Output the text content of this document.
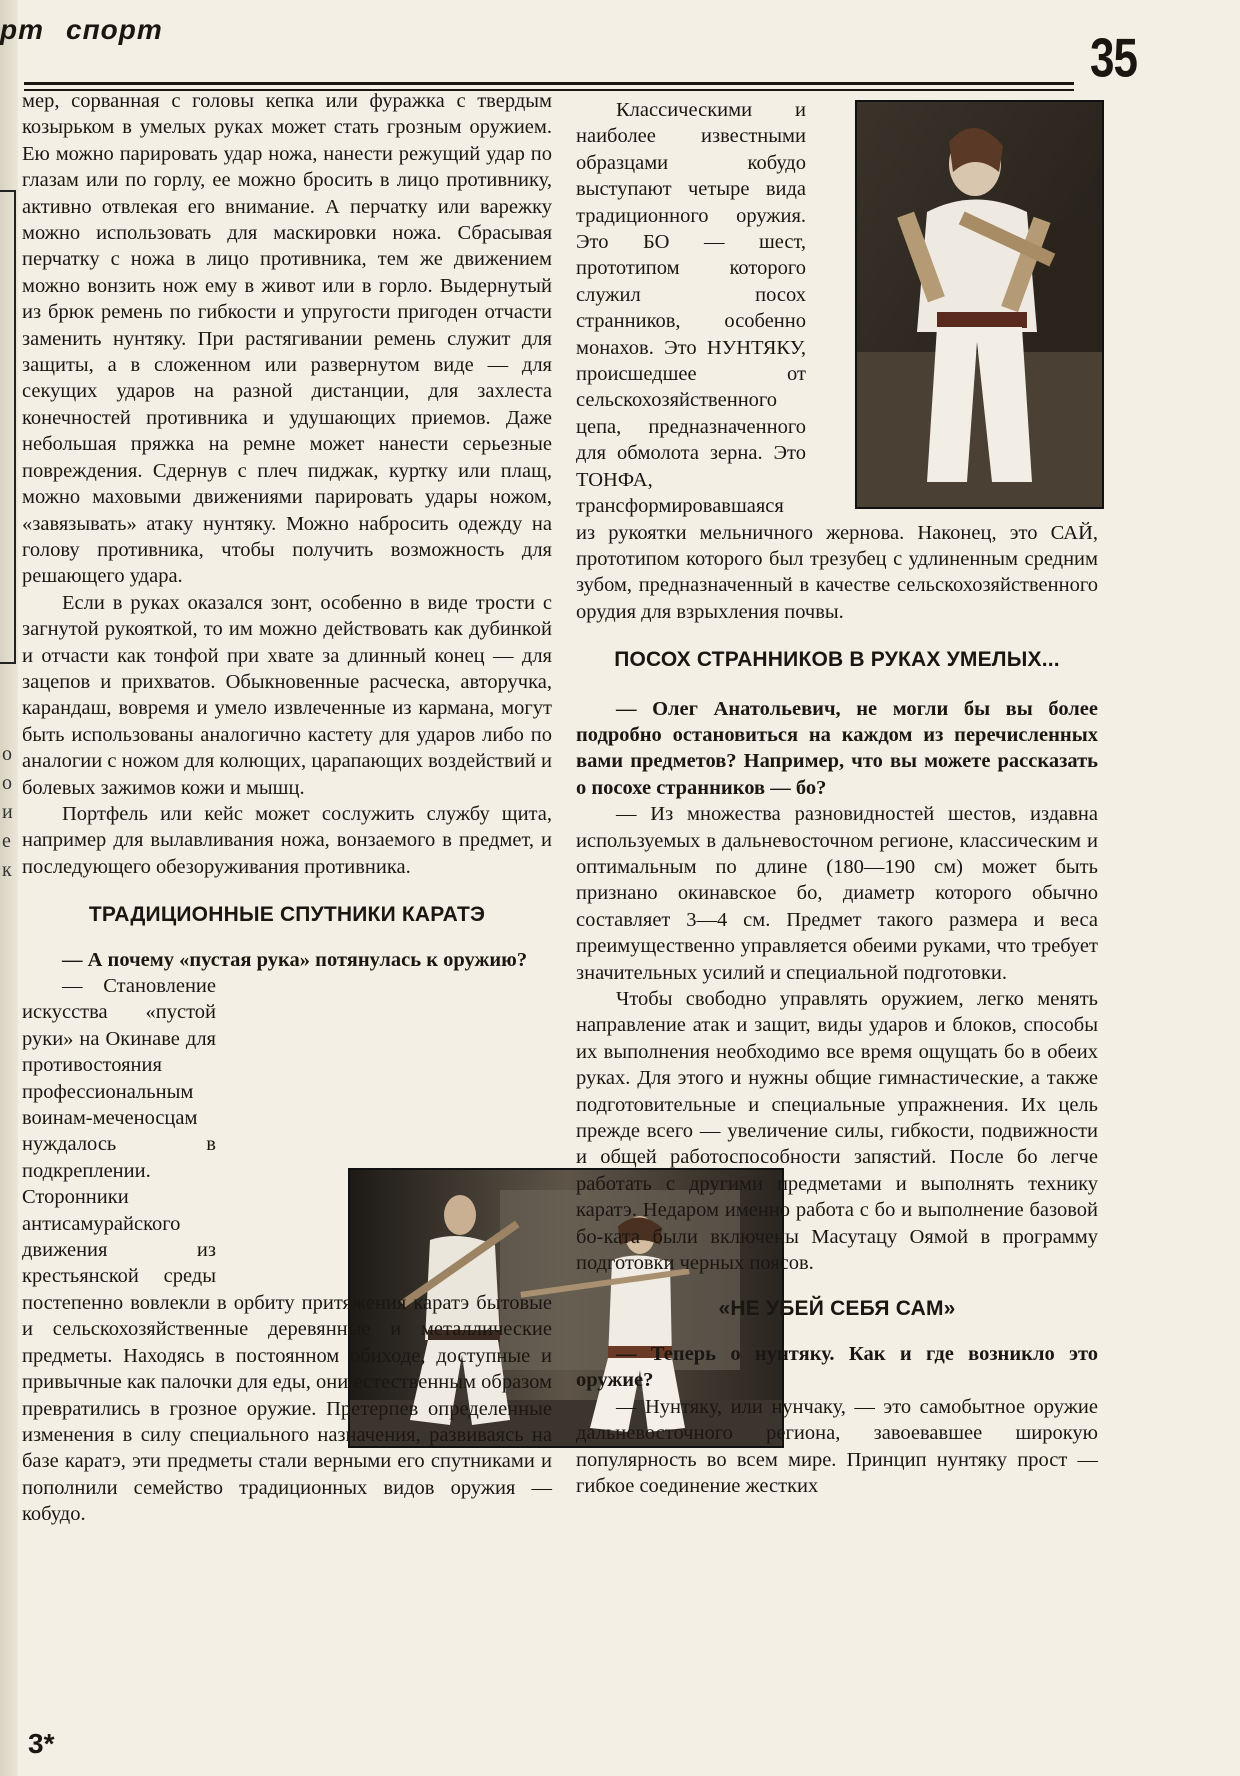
о
о
и
е
к
рт спорт	35

мер, сорванная с головы кепка или фуражка с твердым козырьком в умелых руках может стать грозным оружием. Ею можно парировать удар ножа, нанести режущий удар по глазам или по горлу, ее можно бросить в лицо противнику, активно отвлекая его внимание. А перчатку или варежку можно использовать для маскировки ножа. Сбрасывая перчатку с ножа в лицо противника, тем же движением можно вонзить нож ему в живот или в горло. Выдернутый из брюк ремень по гибкости и упругости пригоден отчасти заменить нунтяку. При растягивании ремень служит для защиты, а в сложенном или развернутом виде — для секущих ударов на разной дистанции, для захлеста конечностей противника и удушающих приемов. Даже небольшая пряжка на ремне может нанести серьезные повреждения. Сдернув с плеч пиджак, куртку или плащ, можно маховыми движениями парировать удары ножом, «завязывать» атаку нунтяку. Можно набросить одежду на голову противника, чтобы получить возможность для решающего удара.

Если в руках оказался зонт, особенно в виде трости с загнутой рукояткой, то им можно действовать как дубинкой и отчасти как тонфой при хвате за длинный конец — для зацепов и прихватов. Обыкновенные расческа, авторучка, карандаш, вовремя и умело извлеченные из кармана, могут быть использованы аналогично кастету для ударов либо по аналогии с ножом для колющих, царапающих воздействий и болевых зажимов кожи и мышц.

Портфель или кейс может сослужить службу щита, например для вылавливания ножа, вонзаемого в предмет, и последующего обезоруживания противника.

ТРАДИЦИОННЫЕ СПУТНИКИ КАРАТЭ

— А почему «пустая рука» потянулась к оружию?

— Становление искусства «пустой руки» на Окинаве для противостояния профессиональным воинам-меченосцам нуждалось в подкреплении. Сторонники антисамурайского движения из крестьянской среды постепенно вовлекли в орбиту притяжения каратэ бытовые и сельскохозяйственные деревянные и металлические предметы. Находясь в постоянном обиходе, доступные и привычные как палочки для еды, они естественным образом превратились в грозное оружие. Претерпев определенные изменения в силу специального назначения, развиваясь на базе каратэ, эти предметы стали верными его спутниками и пополнили семейство традиционных видов оружия — кобудо.

Классическими и наиболее известными образцами кобудо выступают четыре вида традиционного оружия. Это БО — шест, прототипом которого служил посох странников, особенно монахов. Это НУНТЯКУ, происшедшее от сельскохозяйственного цепа, предназначенного для обмолота зерна. Это ТОНФА, трансформировавшаяся из рукоятки мельничного жернова. Наконец, это САЙ, прототипом которого был трезубец с удлиненным средним зубом, предназначенный в качестве сельскохозяйственного орудия для взрыхления почвы.

ПОСОХ СТРАННИКОВ В РУКАХ УМЕЛЫХ...

— Олег Анатольевич, не могли бы вы более подробно остановиться на каждом из перечисленных вами предметов? Например, что вы можете рассказать о посохе странников — бо?

— Из множества разновидностей шестов, издавна используемых в дальневосточном регионе, классическим и оптимальным по длине (180—190 см) может быть признано окинавское бо, диаметр которого обычно составляет 3—4 см. Предмет такого размера и веса преимущественно управляется обеими руками, что требует значительных усилий и специальной подготовки.

Чтобы свободно управлять оружием, легко менять направление атак и защит, виды ударов и блоков, способы их выполнения необходимо все время ощущать бо в обеих руках. Для этого и нужны общие гимнастические, а также подготовительные и специальные упражнения. Их цель прежде всего — увеличение силы, гибкости, подвижности и общей работоспособности запястий. После бо легче работать с другими предметами и выполнять технику каратэ. Недаром именно работа с бо и выполнение базовой бо-ката были включены Масутацу Оямой в программу подготовки черных поясов.

«НЕ УБЕЙ СЕБЯ САМ»

— Теперь о нунтяку. Как и где возникло это оружие?

— Нунтяку, или нунчаку, — это самобытное оружие дальневосточного региона, завоевавшее широкую популярность во всем мире. Принцип нунтяку прост — гибкое соединение жестких

3*
